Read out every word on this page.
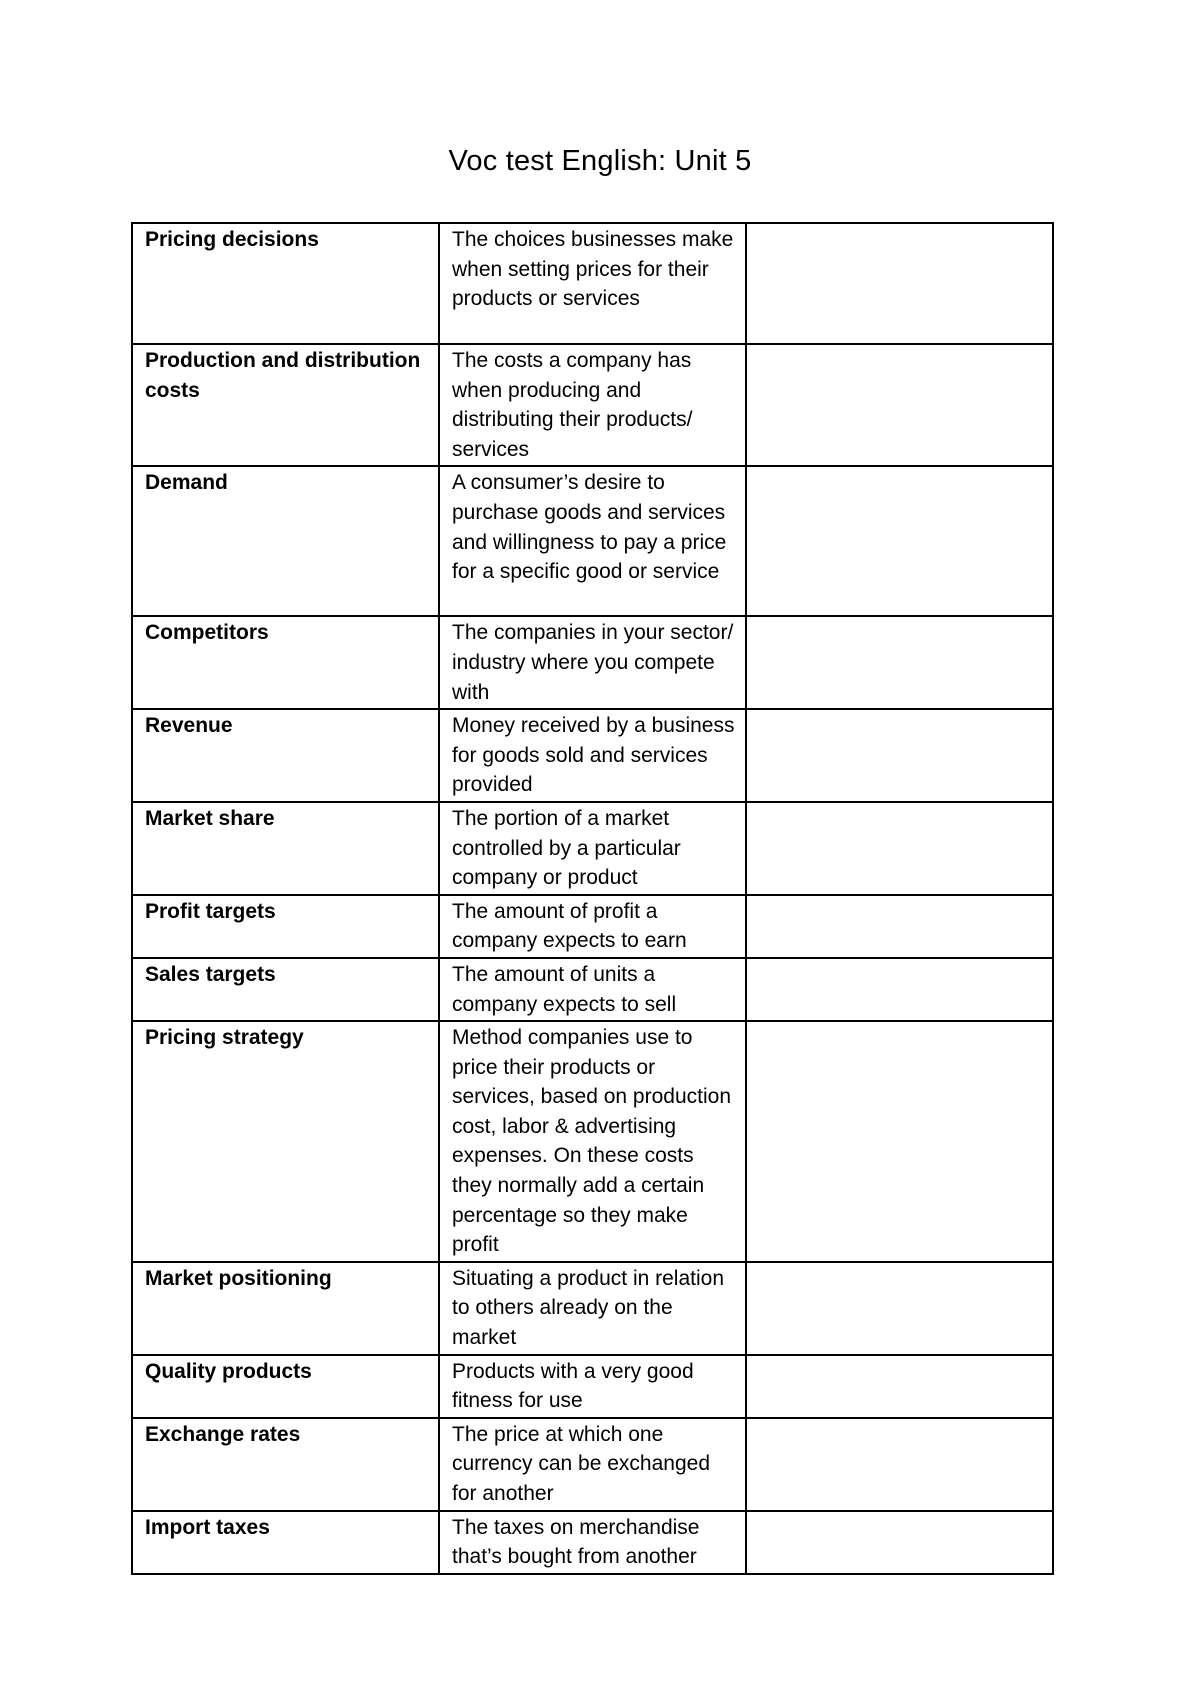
Voc test English: Unit 5
Pricing decisions	The choices businesses make when setting prices for their products or services	
Production and distribution costs	The costs a company has when producing and distributing their products/ services	
Demand	A consumer’s desire to purchase goods and services and willingness to pay a price for a specific good or service	
Competitors	The companies in your sector/ industry where you compete with	
Revenue	Money received by a business for goods sold and services provided	
Market share	The portion of a market controlled by a particular company or product	
Profit targets	The amount of profit a company expects to earn	
Sales targets	The amount of units a company expects to sell	
Pricing strategy	Method companies use to price their products or services, based on production cost, labor & advertising expenses. On these costs they normally add a certain percentage so they make profit	
Market positioning	Situating a product in relation to others already on the market	
Quality products	Products with a very good fitness for use	
Exchange rates	The price at which one currency can be exchanged for another	
Import taxes	The taxes on merchandise that’s bought from another	
